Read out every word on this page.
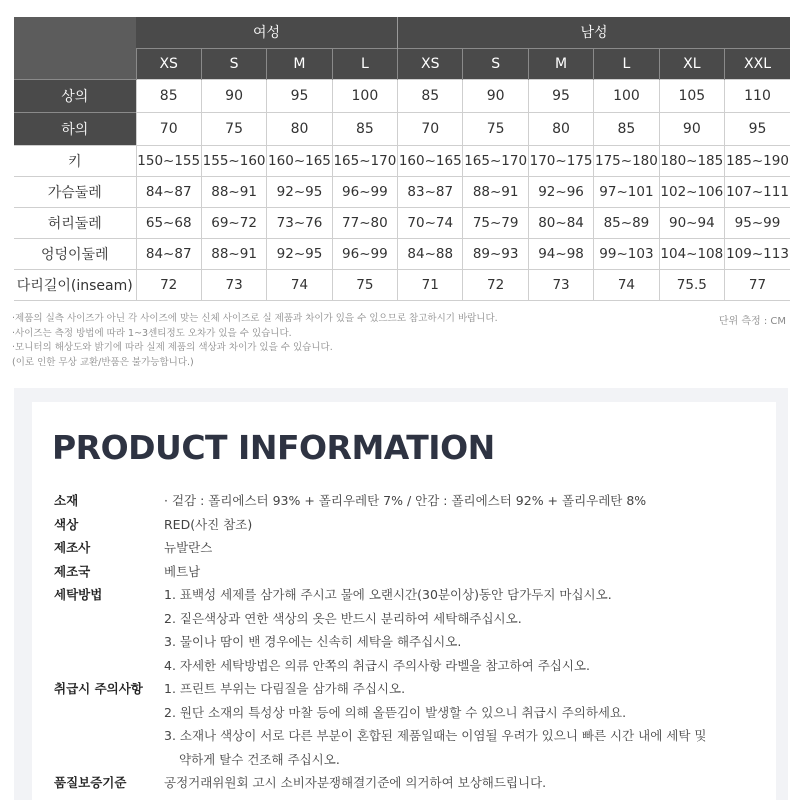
	여성				남성					
	XS	S	M	L	XS	S	M	L	XL	XXL
상의	85	90	95	100	85	90	95	100	105	110
하의	70	75	80	85	70	75	80	85	90	95
키	150~155	155~160	160~165	165~170	160~165	165~170	170~175	175~180	180~185	185~190
가슴둘레	84~87	88~91	92~95	96~99	83~87	88~91	92~96	97~101	102~106	107~111
허리둘레	65~68	69~72	73~76	77~80	70~74	75~79	80~84	85~89	90~94	95~99
엉덩이둘레	84~87	88~91	92~95	96~99	84~88	89~93	94~98	99~103	104~108	109~113
다리길이(inseam)	72	73	74	75	71	72	73	74	75.5	77
·제품의 실측 사이즈가 아닌 각 사이즈에 맞는 신체 사이즈로 실 제품과 차이가 있을 수 있으므로 참고하시기 바랍니다.
·사이즈는 측정 방법에 따라 1~3센티정도 오차가 있을 수 있습니다.
·모니터의 해상도와 밝기에 따라 실제 제품의 색상과 차이가 있을 수 있습니다.
(이로 인한 무상 교환/반품은 불가능합니다.)
단위 측정 : CM
PRODUCT INFORMATION
소재	· 겉감 : 폴리에스터 93% + 폴리우레탄 7% / 안감 : 폴리에스터 92% + 폴리우레탄 8%
색상	RED(사진 참조)
제조사	뉴발란스
제조국	베트남
세탁방법	1. 표백성 세제를 삼가해 주시고 물에 오랜시간(30분이상)동안 담가두지 마십시오.
2. 짙은색상과 연한 색상의 옷은 반드시 분리하여 세탁해주십시오.
3. 물이나 땀이 밴 경우에는 신속히 세탁을 해주십시오.
4. 자세한 세탁방법은 의류 안쪽의 취급시 주의사항 라벨을 참고하여 주십시오.
취급시 주의사항	1. 프린트 부위는 다림질을 삼가해 주십시오.
2. 원단 소재의 특성상 마찰 등에 의해 올뜯김이 발생할 수 있으니 취급시 주의하세요.
3. 소재나 색상이 서로 다른 부분이 혼합된 제품일때는 이염될 우려가 있으니 빠른 시간 내에 세탁 및
약하게 탈수 건조해 주십시오.
품질보증기준	공정거래위원회 고시 소비자분쟁해결기준에 의거하여 보상해드립니다.
